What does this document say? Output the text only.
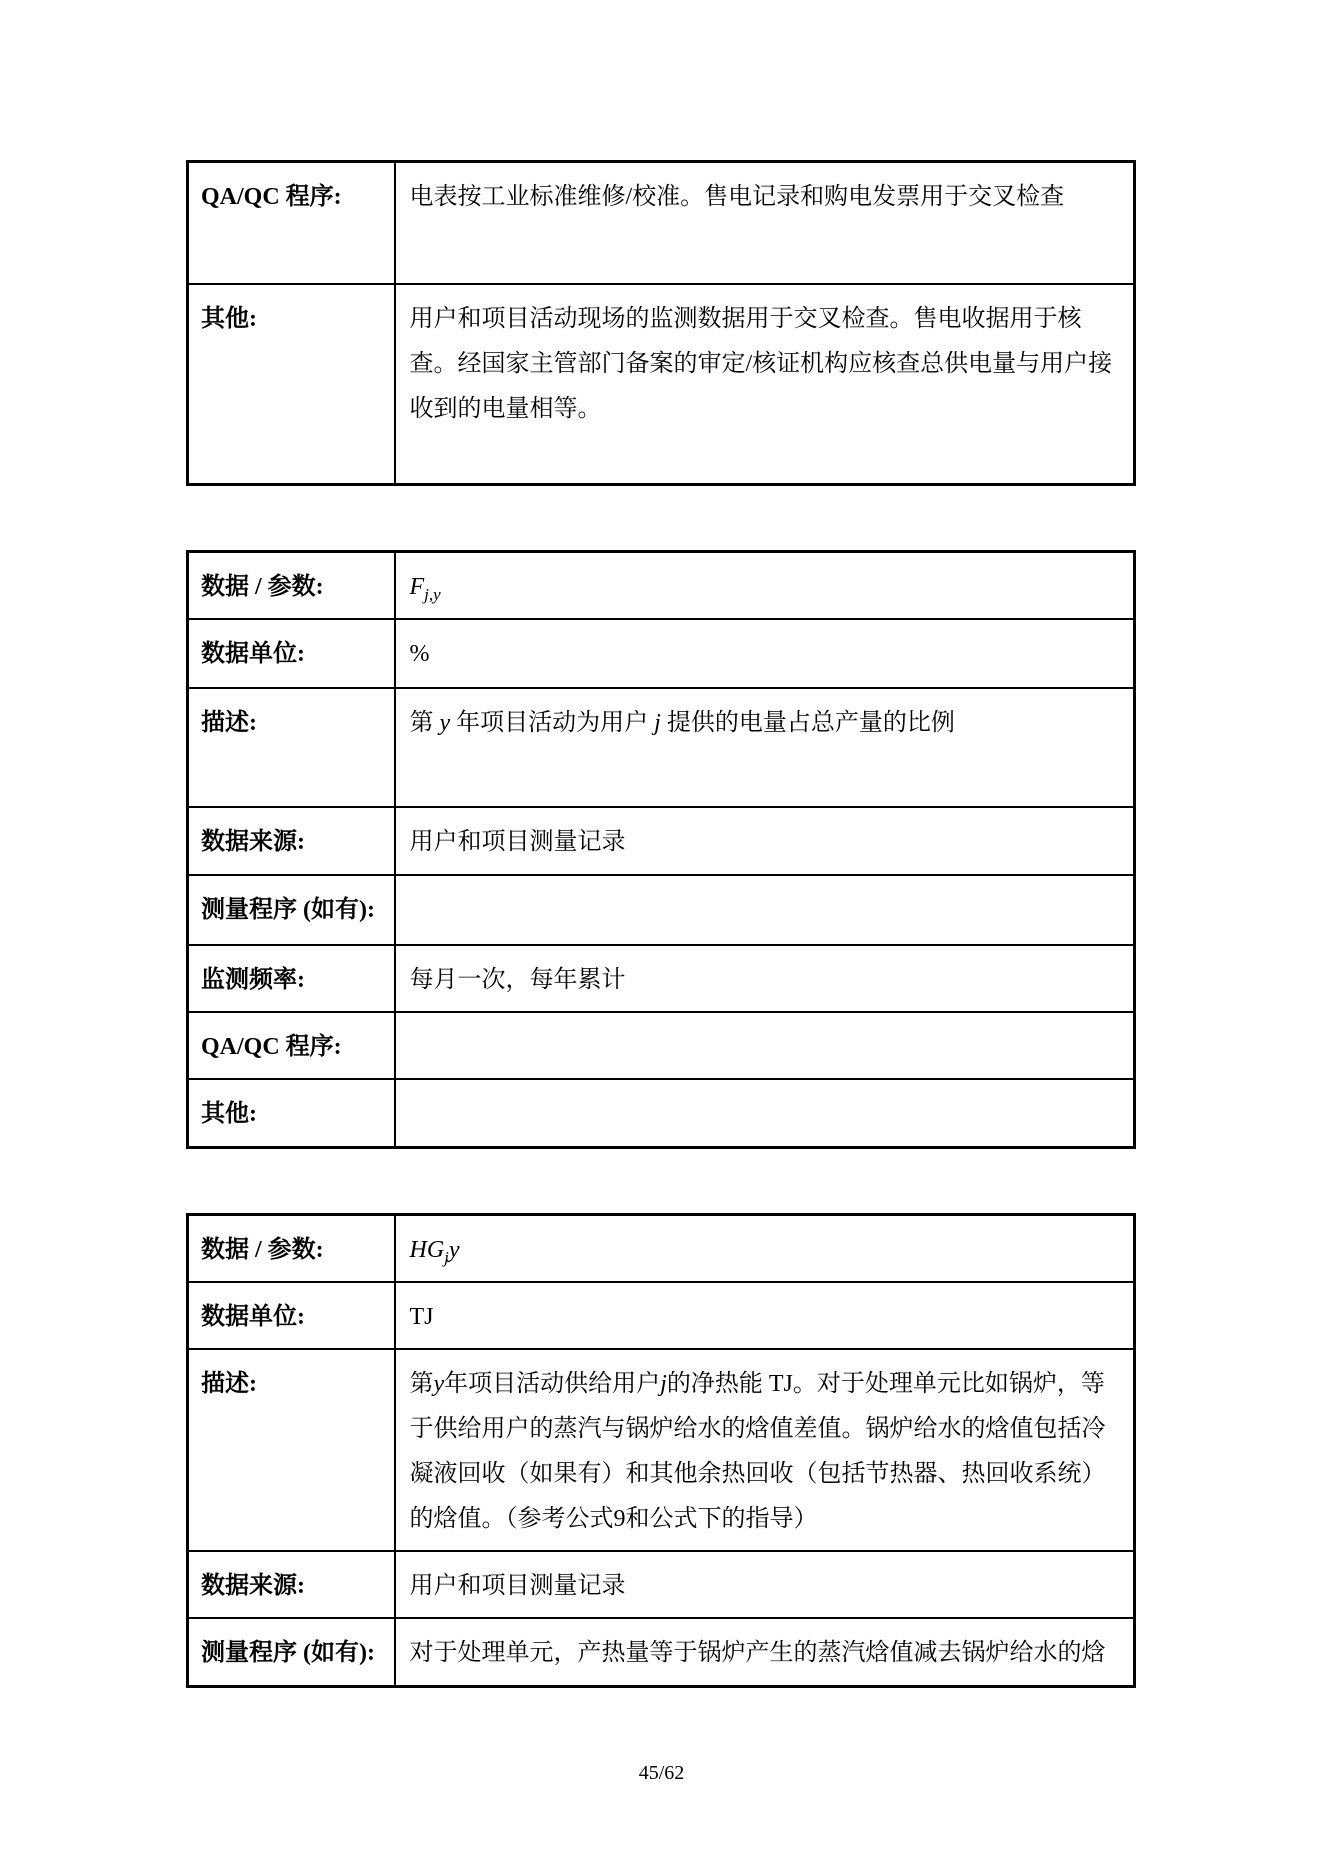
QA/QC 程序:	电表按工业标准维修/校准。售电记录和购电发票用于交叉检查

其他:	用户和项目活动现场的监测数据用于交叉检查。售电收据用于核查。经国家主管部门备案的审定/核证机构应核查总供电量与用户接收到的电量相等。
数据 / 参数:	$F_{j,y}$

数据单位:	%

描述:	第 y 年项目活动为用户 j 提供的电量占总产量的比例

数据来源:	用户和项目测量记录

测量程序 (如有):	

监测频率:	每月一次，每年累计

QA/QC 程序:	

其他:	
数据 / 参数:	$HG_jy$

数据单位:	TJ

描述:	第y年项目活动供给用户j的净热能 TJ。对于处理单元比如锅炉，等于供给用户的蒸汽与锅炉给水的焓值差值。锅炉给水的焓值包括冷凝液回收（如果有）和其他余热回收（包括节热器、热回收系统）的焓值。（参考公式9和公式下的指导）

数据来源:	用户和项目测量记录

测量程序 (如有):	对于处理单元，产热量等于锅炉产生的蒸汽焓值减去锅炉给水的焓
45/62
